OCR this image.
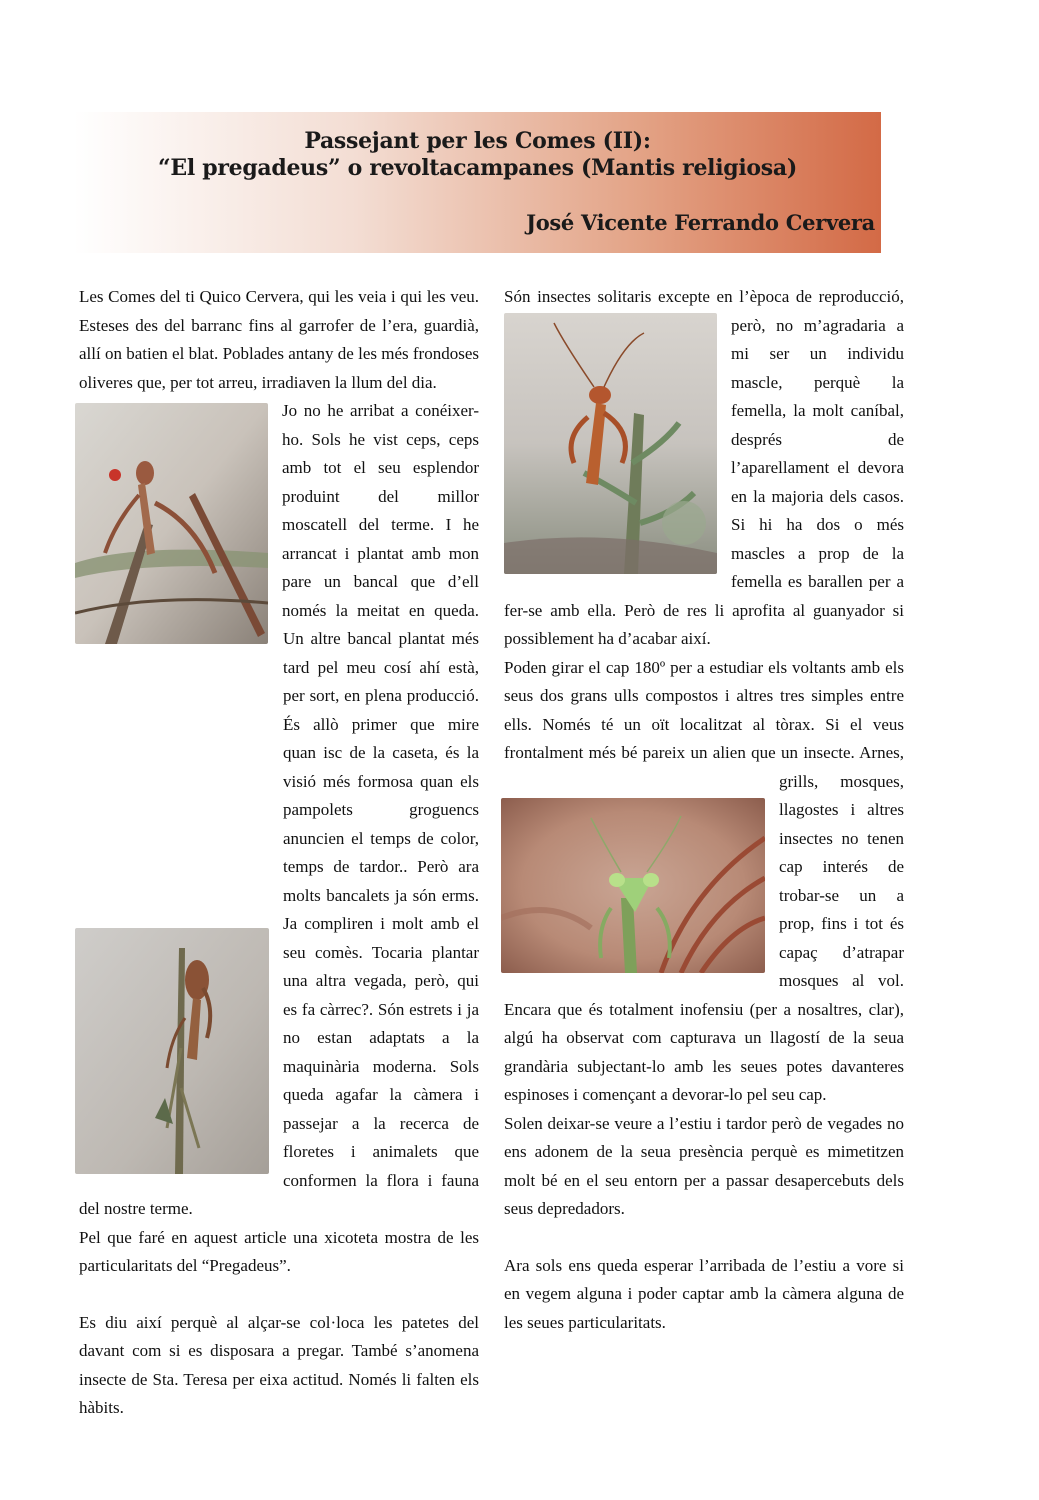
Passejant per les Comes (II):
“El pregadeus” o revoltacampanes (Mantis religiosa)
José Vicente Ferrando Cervera

Les Comes del ti Quico Cervera, qui les veia i qui les veu. Esteses des del barranc fins al garrofer de l’era, guardià, allí on batien el blat. Poblades antany de les més frondoses oliveres que, per tot arreu, irradiaven la llum del dia.

Jo no he arribat a conéixer-ho. Sols he vist ceps, ceps amb tot el seu esplendor produint del millor moscatell del terme. I he arrancat i plantat amb mon pare un bancal que d’ell només la meitat en queda. Un altre bancal plantat més tard pel meu cosí ahí està, per sort, en plena producció. És allò primer que mire quan isc de la caseta, és la visió més formosa quan els pampolets groguencs anuncien el temps de color, temps de tardor.. Però ara molts bancalets ja són erms. Ja compliren i molt amb el seu comès. Tocaria plantar una altra vegada, però, qui es fa càrrec?. Són estrets i ja no estan adaptats a la maquinària moderna. Sols queda agafar la càmera i passejar a la recerca de floretes i animalets que conformen la flora i fauna del nostre terme.

Pel que faré en aquest article una xicoteta mostra de les particularitats del “Pregadeus”.

Es diu així perquè al alçar-se col·loca les patetes del davant com si es disposara a pregar. També s’anomena insecte de Sta. Teresa per eixa actitud. Només li falten els hàbits.

Són insectes solitaris excepte en l’època de reproducció, però, no m’agradaria a mi ser un individu mascle, perquè la femella, la molt caníbal, després de l’aparellament el devora en la majoria dels casos. Si hi ha dos o més mascles a prop de la femella es barallen per a fer-se amb ella. Però de res li aprofita al guanyador si possiblement ha d’acabar així.

Poden girar el cap 180º per a estudiar els voltants amb els seus dos grans ulls compostos i altres tres simples entre ells. Només té un oït localitzat al tòrax. Si el veus frontalment més bé pareix un alien que un insecte. Arnes, grills, mosques, llagostes i altres insectes no tenen cap interés de trobar-se un a prop, fins i tot és capaç d’atrapar mosques al vol. Encara que és totalment inofensiu (per a nosaltres, clar), algú ha observat com capturava un llagostí de la seua grandària subjectant-lo amb les seues potes davanteres espinoses i començant a devorar-lo pel seu cap.

Solen deixar-se veure a l’estiu i tardor però de vegades no ens adonem de la seua presència perquè es mimetitzen molt bé en el seu entorn per a passar desapercebuts dels seus depredadors.

Ara sols ens queda esperar l’arribada de l’estiu a vore si en vegem alguna i poder captar amb la càmera alguna de les seues particularitats.
